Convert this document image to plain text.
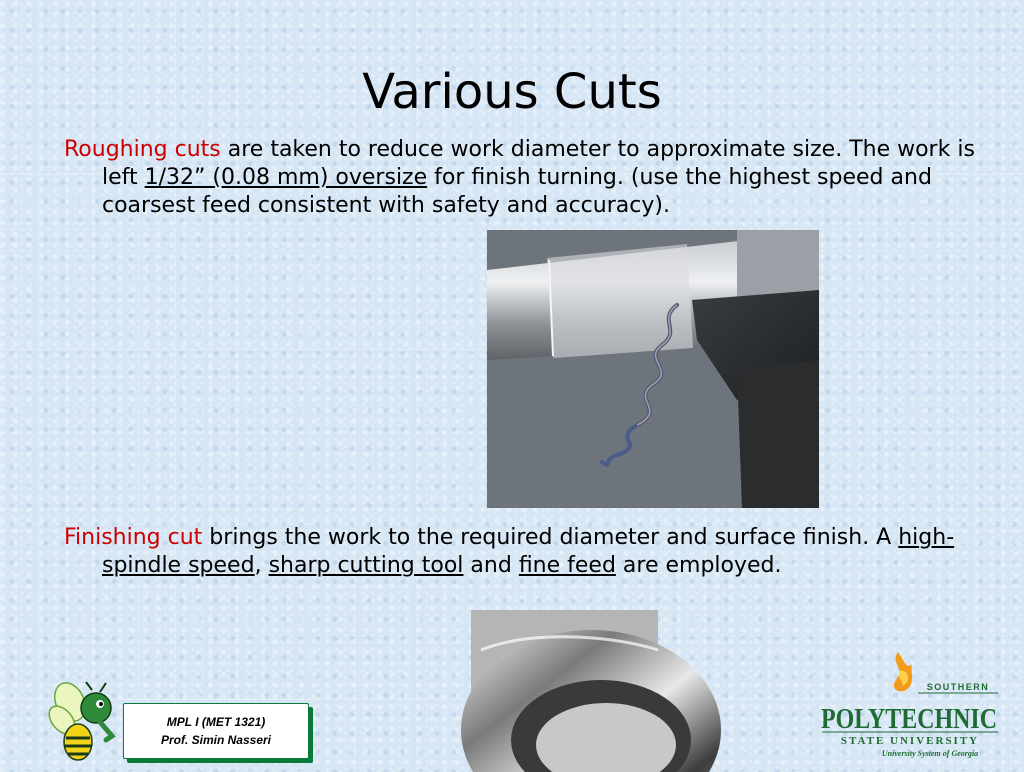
Various Cuts
Roughing cuts are taken to reduce work diameter to approximate size. The work is left 1/32” (0.08 mm) oversize for finish turning. (use the highest speed and coarsest feed consistent with safety and accuracy).
Finishing cut brings the work to the required diameter and surface finish. A high-spindle speed, sharp cutting tool and fine feed are employed.
MPL I (MET 1321)
Prof. Simin Nasseri
SOUTHERN
POLYTECHNIC
STATE UNIVERSITY
University System of Georgia
